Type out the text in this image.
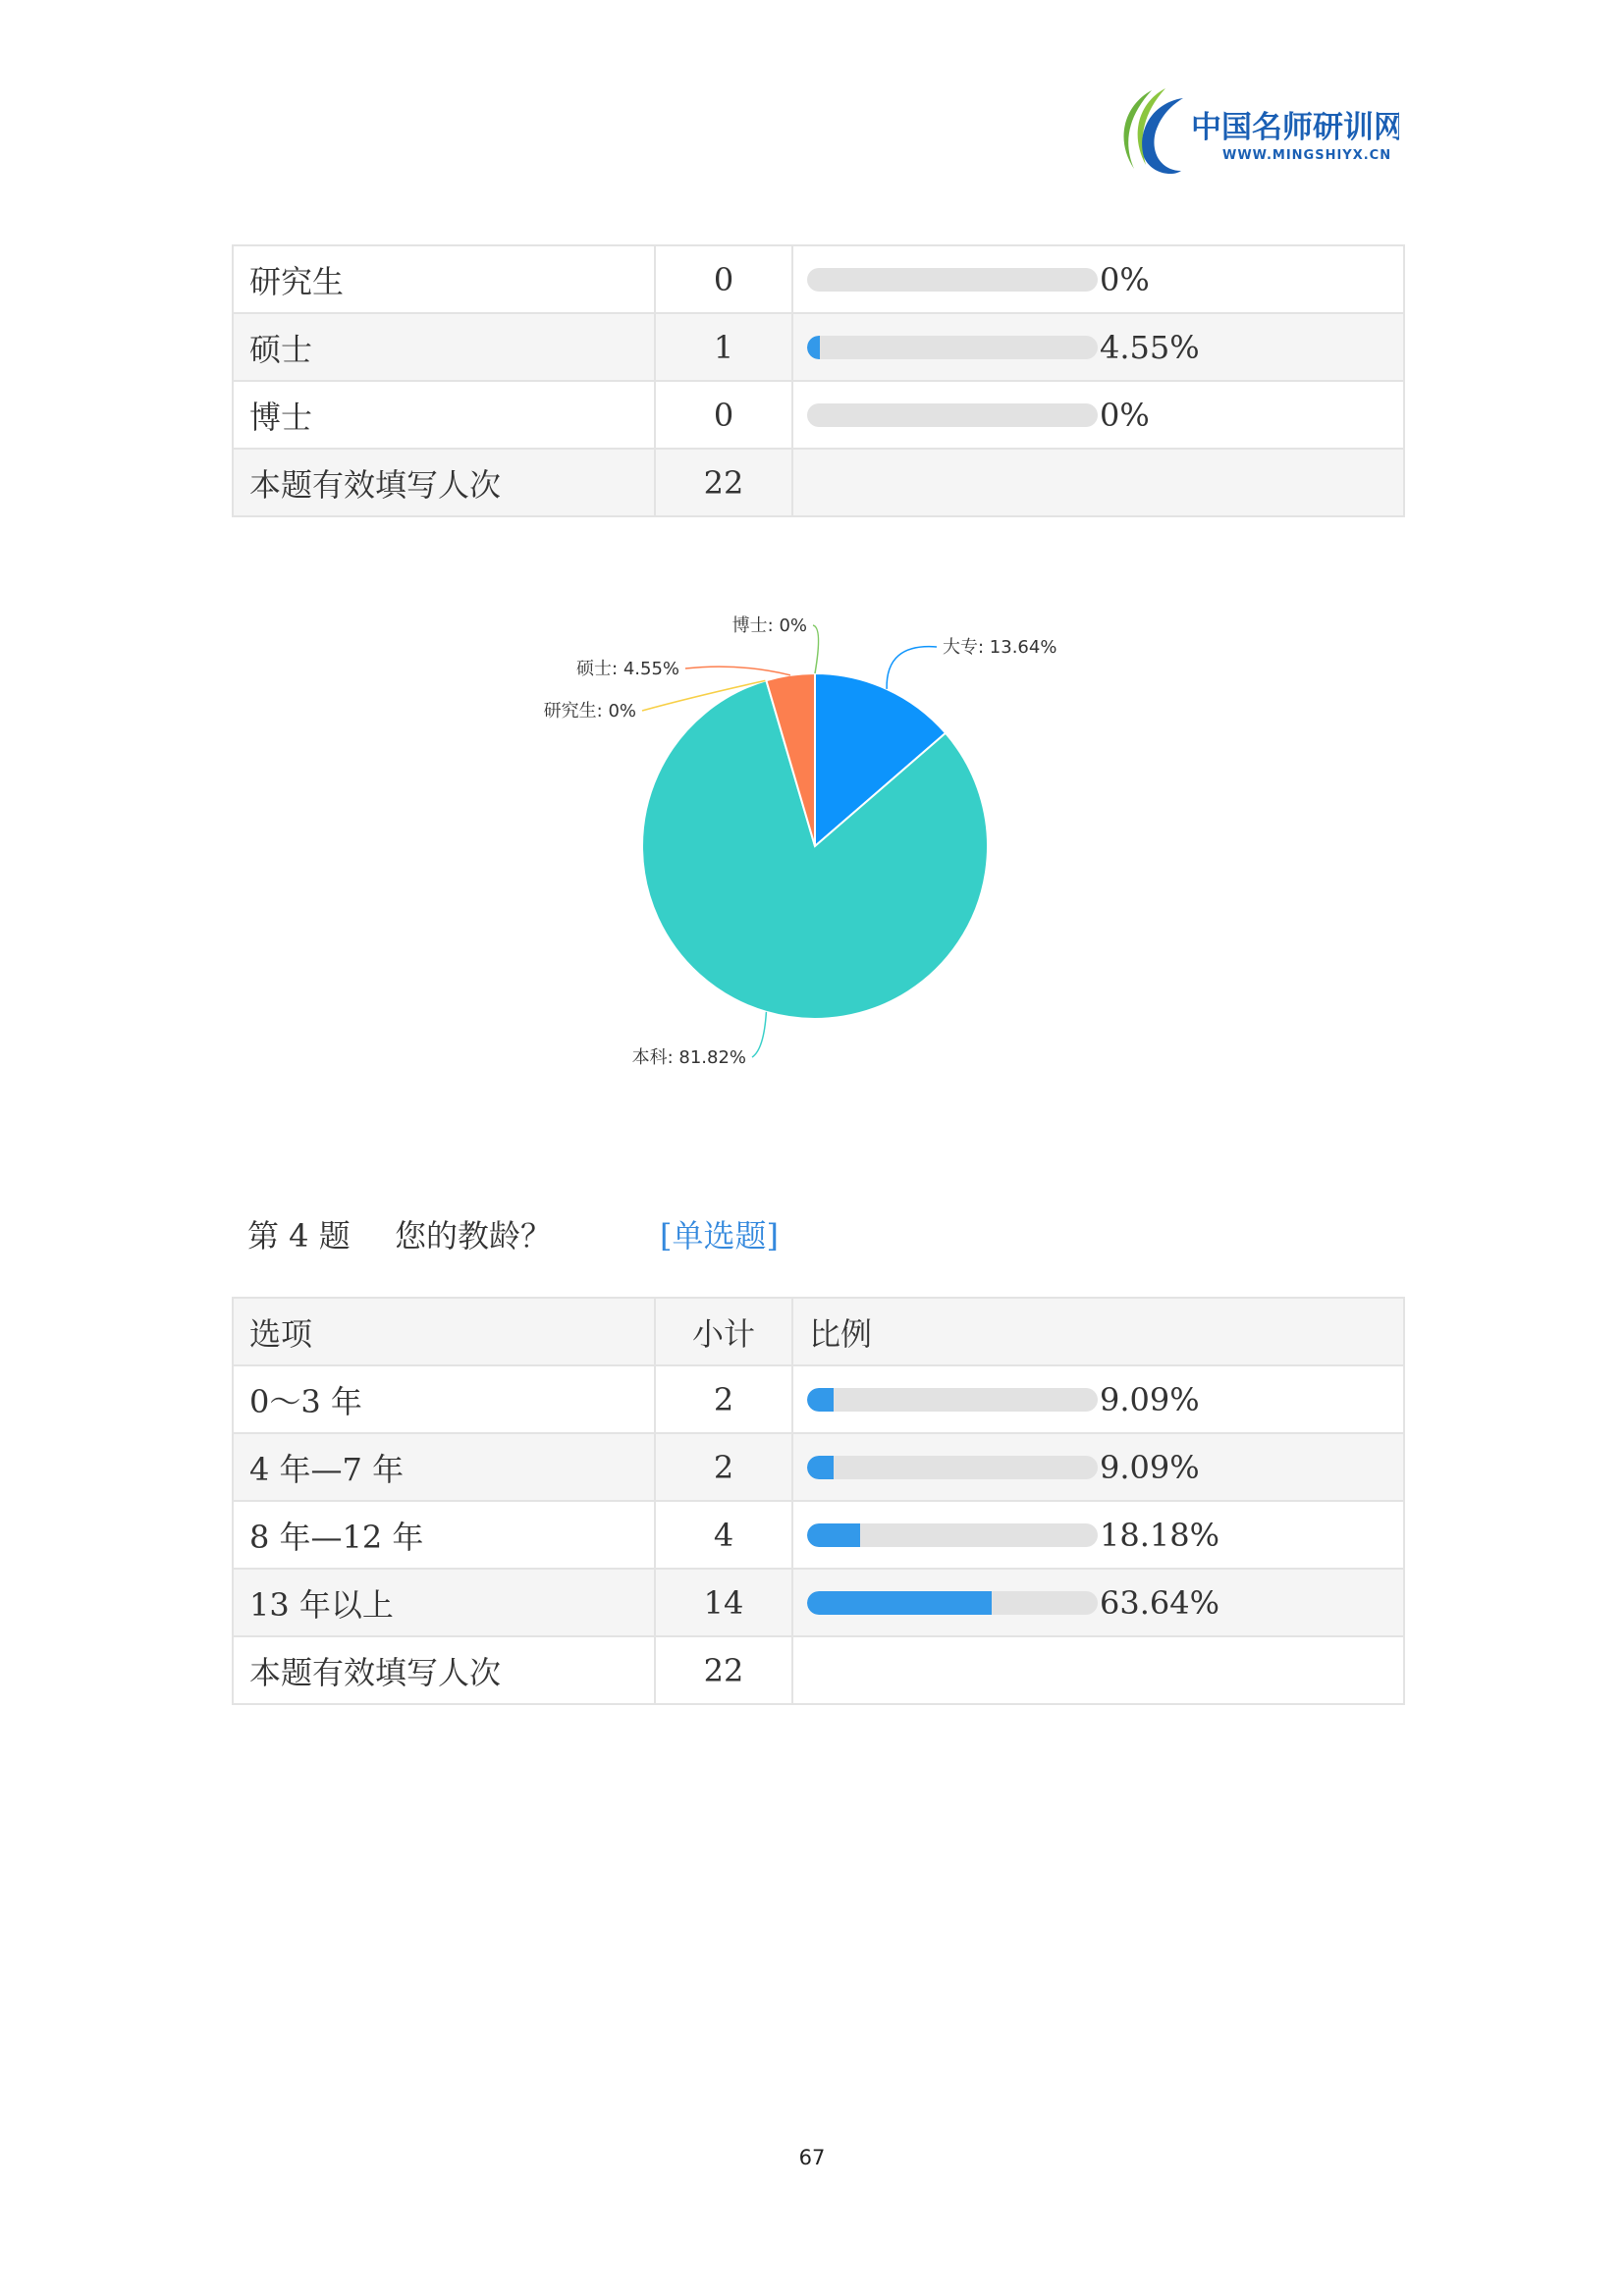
中国名师研训网
WWW.MINGSHIYX.CN
研究生	0	0%

硕士	1	4.55%

博士	0	0%

本题有效填写人次	22	
大专: 13.64%
本科: 81.82%
研究生: 0%
硕士: 4.55%
博士: 0%
第 4 题 您的教龄？	[单选题]
选项	小计	比例
0～3 年	2	9.09%

4 年—7 年	2	9.09%

8 年—12 年	4	18.18%

13 年以上	14	63.64%

本题有效填写人次	22	
67
